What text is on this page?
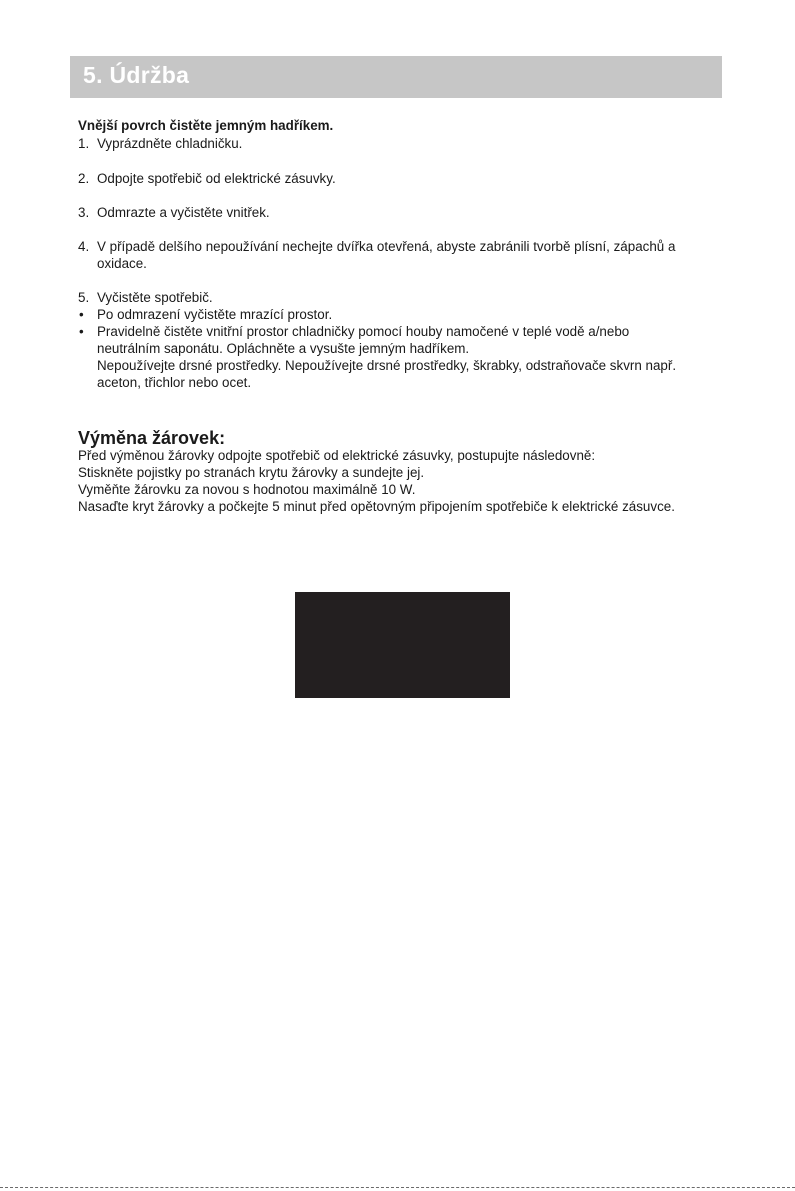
5. Údržba
Vnější povrch čistěte jemným hadříkem.
1. Vyprázdněte chladničku.
2. Odpojte spotřebič od elektrické zásuvky.
3. Odmrazte a vyčistěte vnitřek.
4. V případě delšího nepoužívání nechejte dvířka otevřená, abyste zabránili tvorbě plísní, zápachů a
oxidace.
5. Vyčistěte spotřebič.
• Po odmrazení vyčistěte mrazící prostor.
• Pravidelně čistěte vnitřní prostor chladničky pomocí houby namočené v teplé vodě a/nebo
neutrálním saponátu. Opláchněte a vysušte jemným hadříkem.
Nepoužívejte drsné prostředky. Nepoužívejte drsné prostředky, škrabky, odstraňovače skvrn např.
aceton, třichlor nebo ocet.
Výměna žárovek:
Před výměnou žárovky odpojte spotřebič od elektrické zásuvky, postupujte následovně:
Stiskněte pojistky po stranách krytu žárovky a sundejte jej.
Vyměňte žárovku za novou s hodnotou maximálně 10 W.
Nasaďte kryt žárovky a počkejte 5 minut před opětovným připojením spotřebiče k elektrické zásuvce.
